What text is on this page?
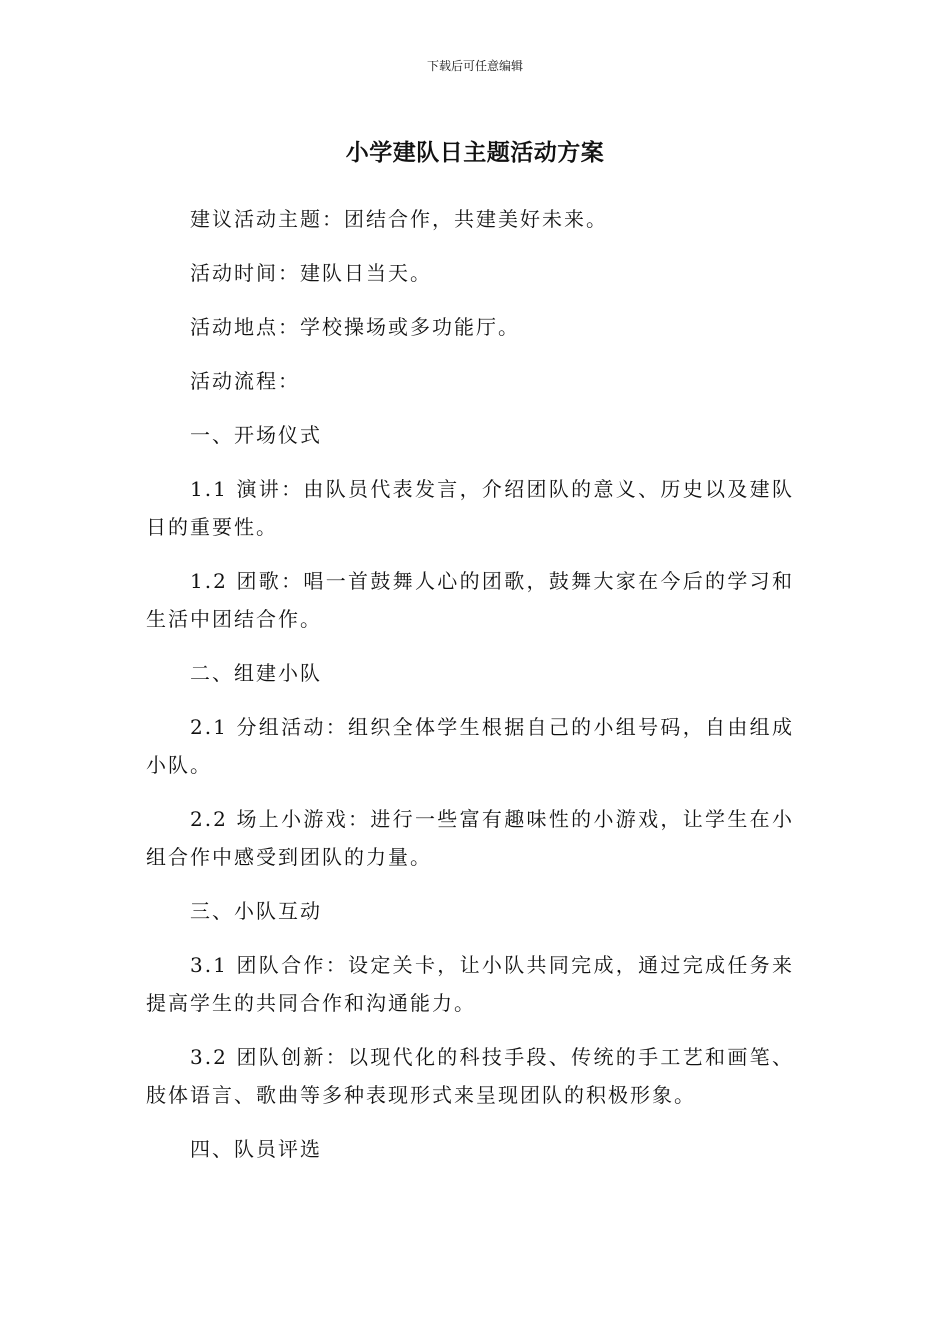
下载后可任意编辑
小学建队日主题活动方案

建议活动主题：团结合作，共建美好未来。

活动时间：建队日当天。

活动地点：学校操场或多功能厅。

活动流程：

一、开场仪式

1.1 演讲：由队员代表发言，介绍团队的意义、历史以及建队日的重要性。

1.2 团歌：唱一首鼓舞人心的团歌，鼓舞大家在今后的学习和生活中团结合作。

二、组建小队

2.1 分组活动：组织全体学生根据自己的小组号码，自由组成小队。

2.2 场上小游戏：进行一些富有趣味性的小游戏，让学生在小组合作中感受到团队的力量。

三、小队互动

3.1 团队合作：设定关卡，让小队共同完成，通过完成任务来提高学生的共同合作和沟通能力。

3.2 团队创新：以现代化的科技手段、传统的手工艺和画笔、肢体语言、歌曲等多种表现形式来呈现团队的积极形象。

四、队员评选
